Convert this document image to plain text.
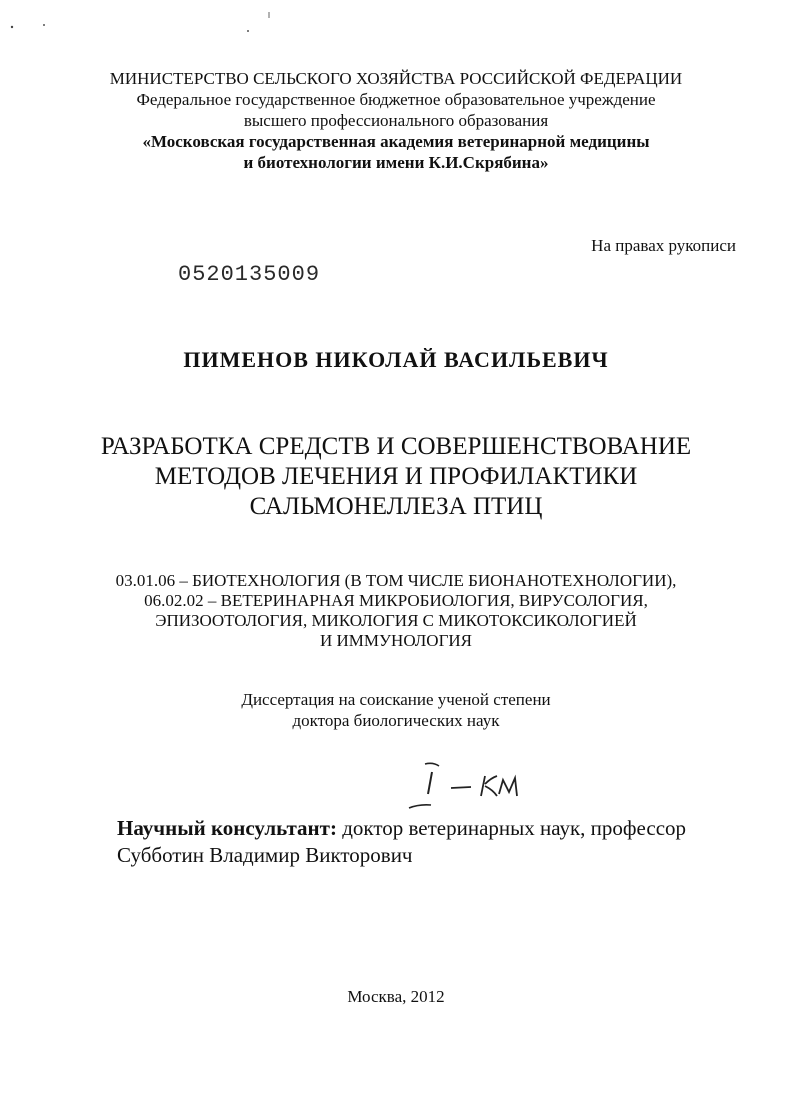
МИНИСТЕРСТВО СЕЛЬСКОГО ХОЗЯЙСТВА РОССИЙСКОЙ ФЕДЕРАЦИИ
Федеральное государственное бюджетное образовательное учреждение
высшего профессионального образования
«Московская государственная академия ветеринарной медицины
и биотехнологии имени К.И.Скрябина»
На правах рукописи
0520135009
ПИМЕНОВ НИКОЛАЙ ВАСИЛЬЕВИЧ
РАЗРАБОТКА СРЕДСТВ И СОВЕРШЕНСТВОВАНИЕ
МЕТОДОВ ЛЕЧЕНИЯ И ПРОФИЛАКТИКИ
САЛЬМОНЕЛЛЕЗА ПТИЦ
03.01.06 – БИОТЕХНОЛОГИЯ (В ТОМ ЧИСЛЕ БИОНАНОТЕХНОЛОГИИ),
06.02.02 – ВЕТЕРИНАРНАЯ МИКРОБИОЛОГИЯ, ВИРУСОЛОГИЯ,
ЭПИЗООТОЛОГИЯ, МИКОЛОГИЯ С МИКОТОКСИКОЛОГИЕЙ
И ИММУНОЛОГИЯ
Диссертация на соискание ученой степени
доктора биологических наук
Научный консультант: доктор ветеринарных наук, профессор
Субботин Владимир Викторович
Москва, 2012
